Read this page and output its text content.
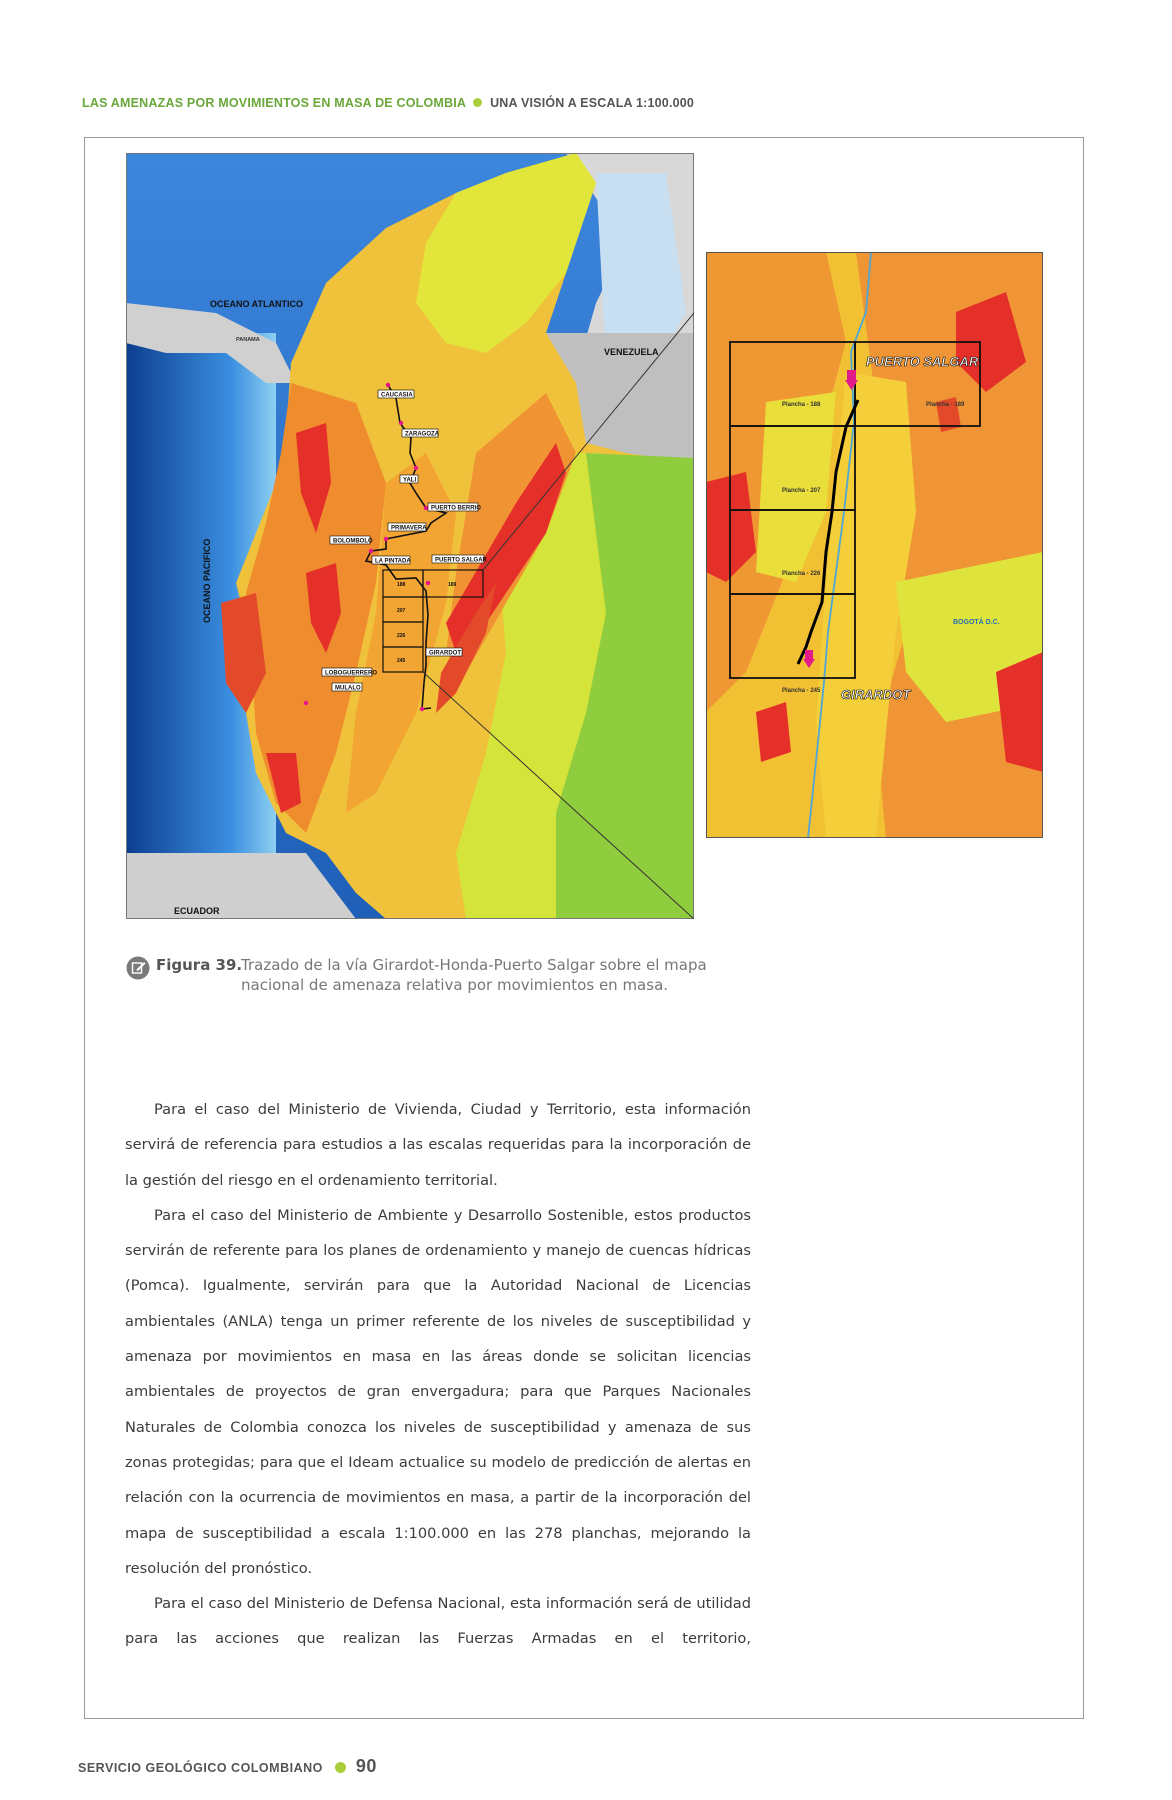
LAS AMENAZAS POR MOVIMIENTOS EN MASA DE COLOMBIA UNA VISIÓN A ESCALA 1:100.000
OCEANO ATLANTICO
VENEZUELA
ECUADOR
OCEANO PACIFICO
PANAMA
CAUCASIA
ZARAGOZA
YALI
PUERTO BERRIO
PRIMAVERA
BOLOMBOLO
LA PINTADA	PUERTO SALGAR
GIRARDOT
LOBOGUERRERO
MULALO
188	189
207
226
245
PUERTO SALGAR
GIRARDOT
Plancha - 188	Plancha - 189
Plancha - 207
Plancha - 226
Plancha - 245
BOGOTÁ D.C.
Figura 39.
Trazado de la vía Girardot-Honda-Puerto Salgar sobre el mapa
nacional de amenaza relativa por movimientos en masa.

Para el caso del Ministerio de Vivienda, Ciudad y Territorio, esta información servirá de referencia para estudios a las escalas requeridas para la incorporación de la gestión del riesgo en el ordenamiento territorial.

Para el caso del Ministerio de Ambiente y Desarrollo Sostenible, estos productos servirán de referente para los planes de ordenamiento y manejo de cuencas hídricas (Pomca). Igualmente, servirán para que la Autoridad Nacional de Licencias ambientales (ANLA) tenga un primer referente de los niveles de susceptibilidad y amenaza por movimientos en masa en las áreas donde se solicitan licencias ambientales de proyectos de gran envergadura; para que Parques Nacionales Naturales de Colombia conozca los niveles de susceptibilidad y amenaza de sus zonas protegidas; para que el Ideam actualice su modelo de predicción de alertas en relación con la ocurrencia de movimientos en masa, a partir de la incorporación del mapa de susceptibilidad a escala 1:100.000 en las 278 planchas, mejorando la resolución del pronóstico.

Para el caso del Ministerio de Defensa Nacional, esta información será de utilidad para las acciones que realizan las Fuerzas Armadas en el territorio,

SERVICIO GEOLÓGICO COLOMBIANO 90
